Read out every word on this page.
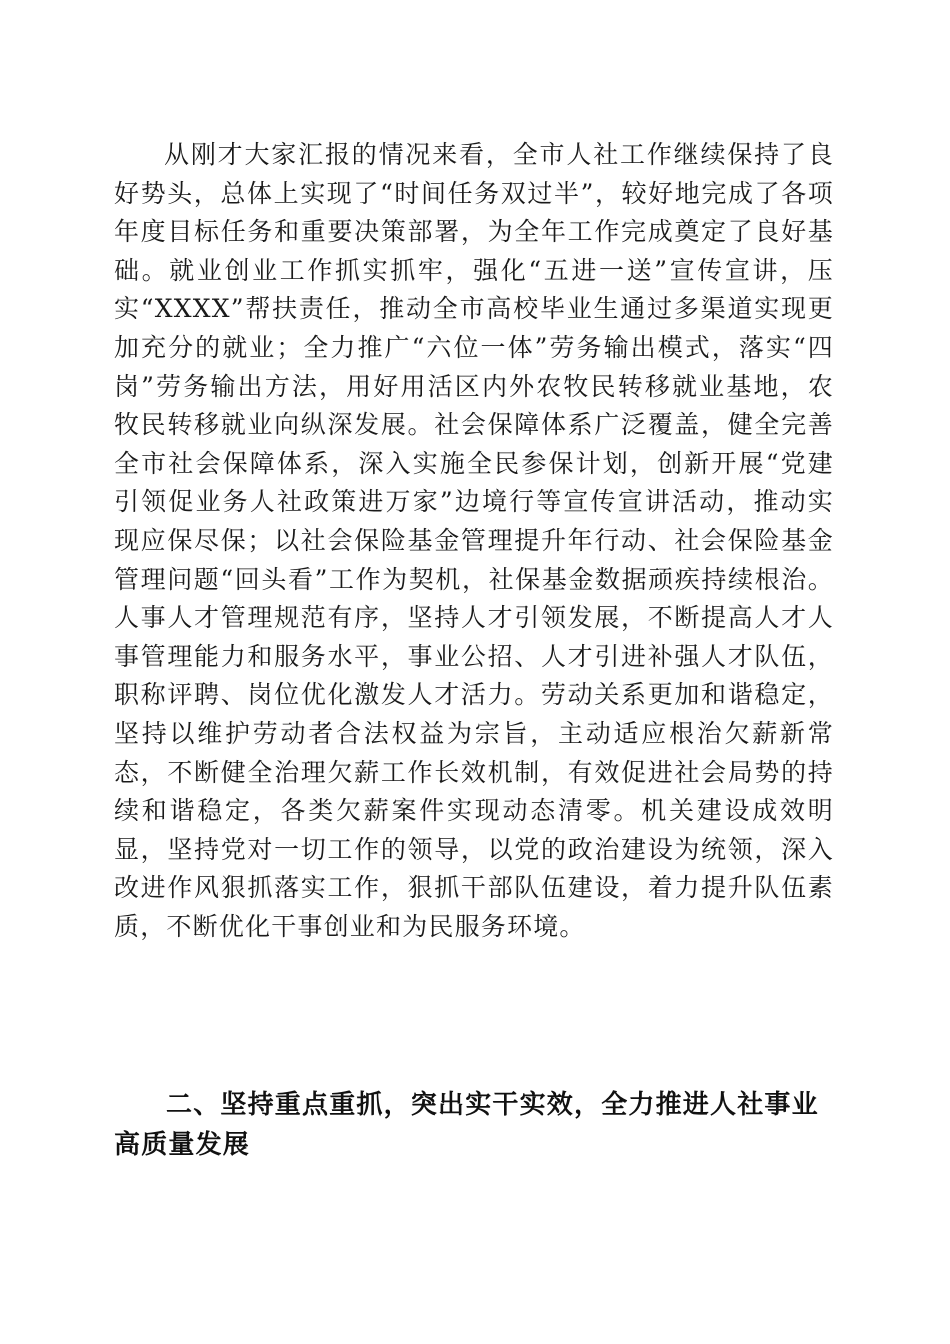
从刚才大家汇报的情况来看，全市人社工作继续保持了良好势头，总体上实现了“时间任务双过半”，较好地完成了各项年度目标任务和重要决策部署，为全年工作完成奠定了良好基础。就业创业工作抓实抓牢，强化“五进一送”宣传宣讲，压实“XXXX”帮扶责任，推动全市高校毕业生通过多渠道实现更加充分的就业；全力推广“六位一体”劳务输出模式，落实“四岗”劳务输出方法，用好用活区内外农牧民转移就业基地，农牧民转移就业向纵深发展。社会保障体系广泛覆盖，健全完善全市社会保障体系，深入实施全民参保计划，创新开展“党建引领促业务人社政策进万家”边境行等宣传宣讲活动，推动实现应保尽保；以社会保险基金管理提升年行动、社会保险基金管理问题“回头看”工作为契机，社保基金数据顽疾持续根治。人事人才管理规范有序，坚持人才引领发展，不断提高人才人事管理能力和服务水平，事业公招、人才引进补强人才队伍，职称评聘、岗位优化激发人才活力。劳动关系更加和谐稳定，坚持以维护劳动者合法权益为宗旨，主动适应根治欠薪新常态，不断健全治理欠薪工作长效机制，有效促进社会局势的持续和谐稳定，各类欠薪案件实现动态清零。机关建设成效明显，坚持党对一切工作的领导，以党的政治建设为统领，深入改进作风狠抓落实工作，狠抓干部队伍建设，着力提升队伍素质，不断优化干事创业和为民服务环境。

二、坚持重点重抓，突出实干实效，全力推进人社事业高质量发展
